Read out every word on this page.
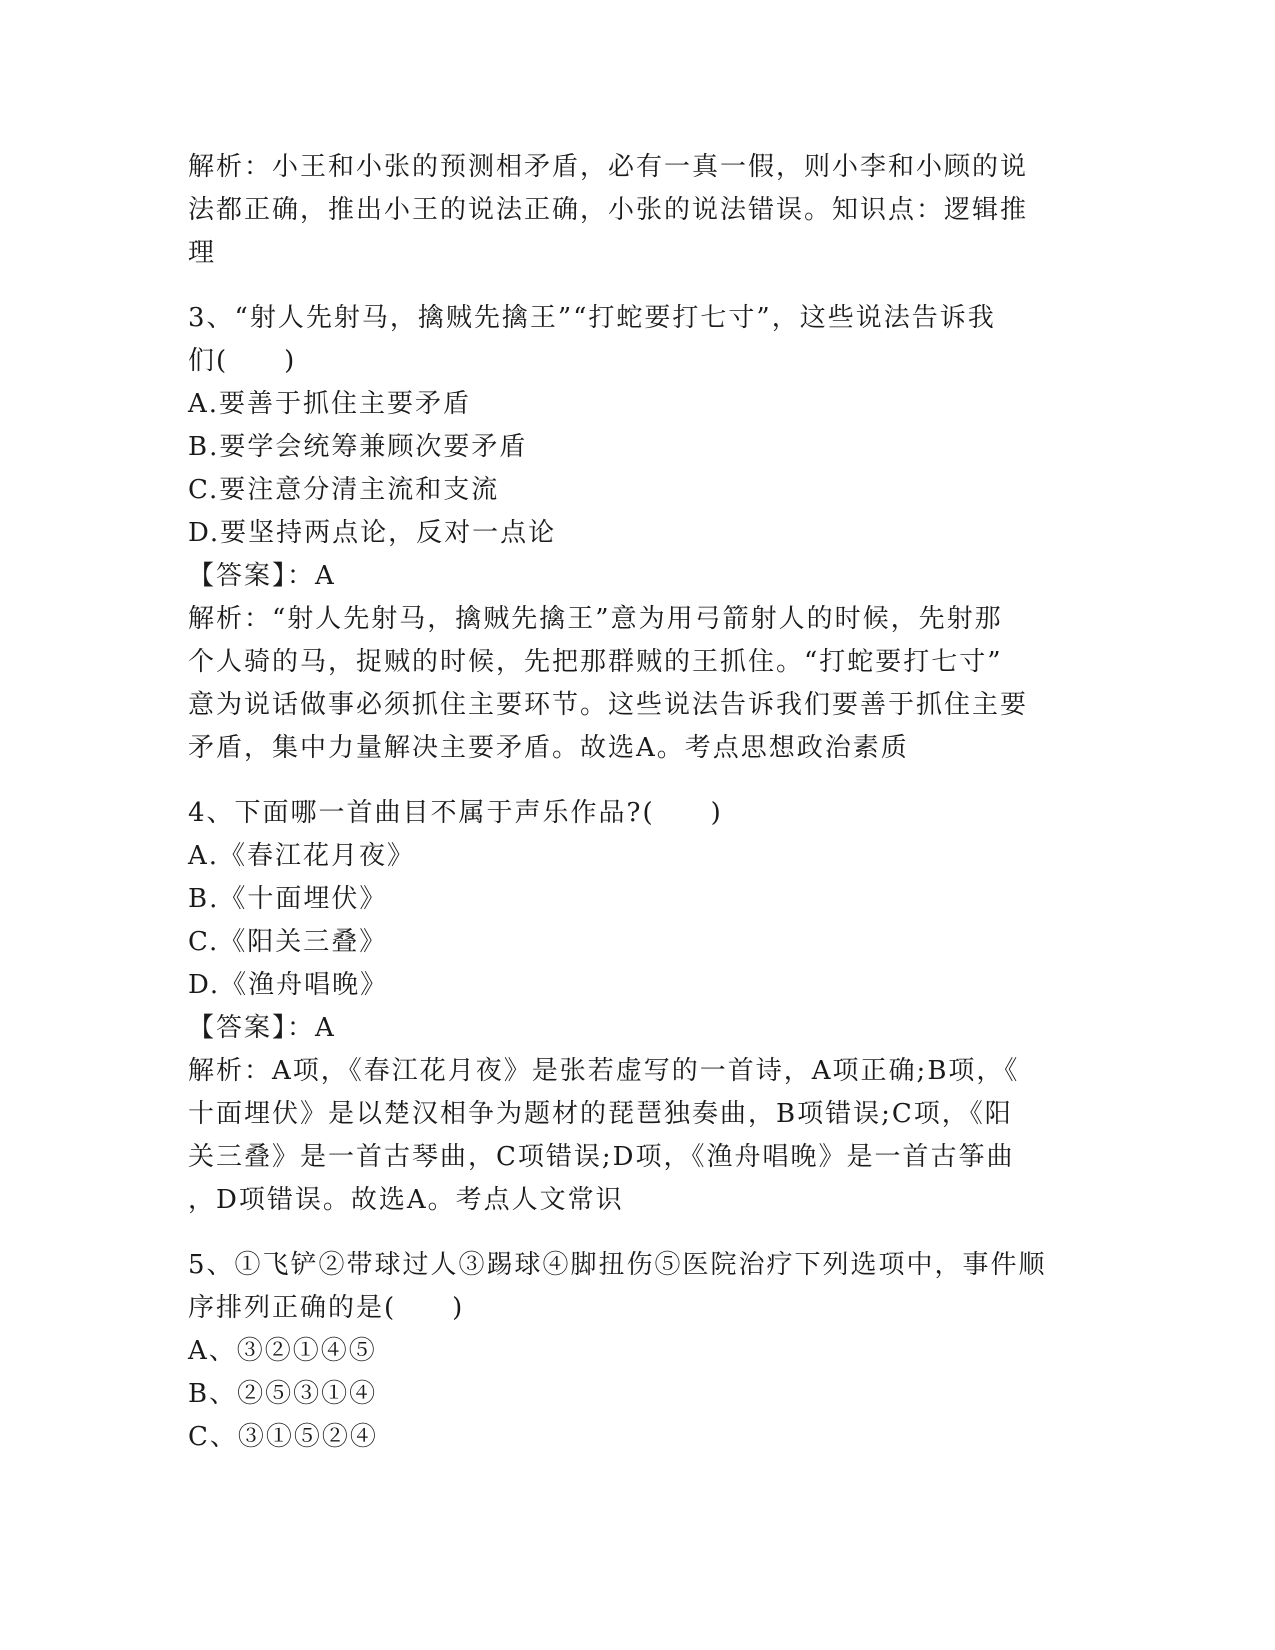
解析：小王和小张的预测相矛盾，必有一真一假，则小李和小顾的说
法都正确，推出小王的说法正确，小张的说法错误。知识点：逻辑推
理
3、“射人先射马，擒贼先擒王”“打蛇要打七寸”，这些说法告诉我
们(　　)
A.要善于抓住主要矛盾
B.要学会统筹兼顾次要矛盾
C.要注意分清主流和支流
D.要坚持两点论，反对一点论
【答案】：A
解析：“射人先射马，擒贼先擒王”意为用弓箭射人的时候，先射那
个人骑的马，捉贼的时候，先把那群贼的王抓住。“打蛇要打七寸”
意为说话做事必须抓住主要环节。这些说法告诉我们要善于抓住主要
矛盾，集中力量解决主要矛盾。故选A。考点思想政治素质
4、下面哪一首曲目不属于声乐作品?(　　)
A.《春江花月夜》
B.《十面埋伏》
C.《阳关三叠》
D.《渔舟唱晚》
【答案】：A
解析：A项，《春江花月夜》是张若虚写的一首诗，A项正确;B项，《
十面埋伏》是以楚汉相争为题材的琵琶独奏曲，B项错误;C项，《阳
关三叠》是一首古琴曲，C项错误;D项，《渔舟唱晚》是一首古筝曲
，D项错误。故选A。考点人文常识
5、①飞铲②带球过人③踢球④脚扭伤⑤医院治疗下列选项中，事件顺
序排列正确的是(　　)
A、③②①④⑤
B、②⑤③①④
C、③①⑤②④
